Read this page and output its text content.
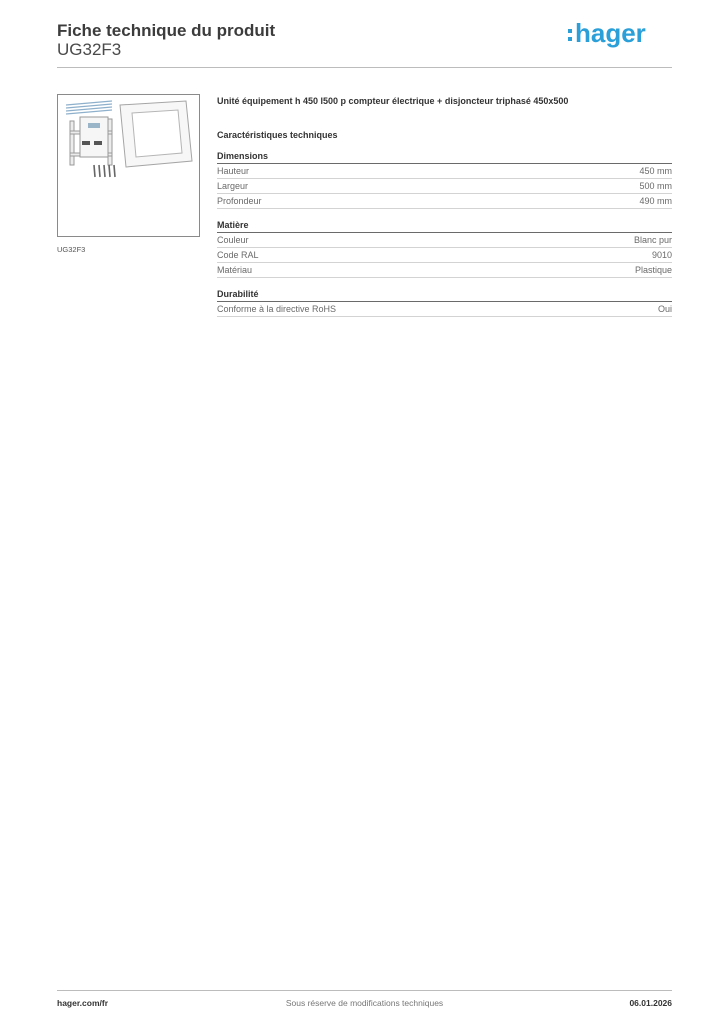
Fiche technique du produit
UG32F3
hager
UG32F3

Unité équipement h 450 l500 p compteur électrique + disjoncteur triphasé 450x500

Caractéristiques techniques
Dimensions
Hauteur	450 mm
Largeur	500 mm
Profondeur	490 mm
Matière
Couleur	Blanc pur
Code RAL	9010
Matériau	Plastique
Durabilité
Conforme à la directive RoHS	Oui
hager.com/fr	Sous réserve de modifications techniques	06.01.2026
